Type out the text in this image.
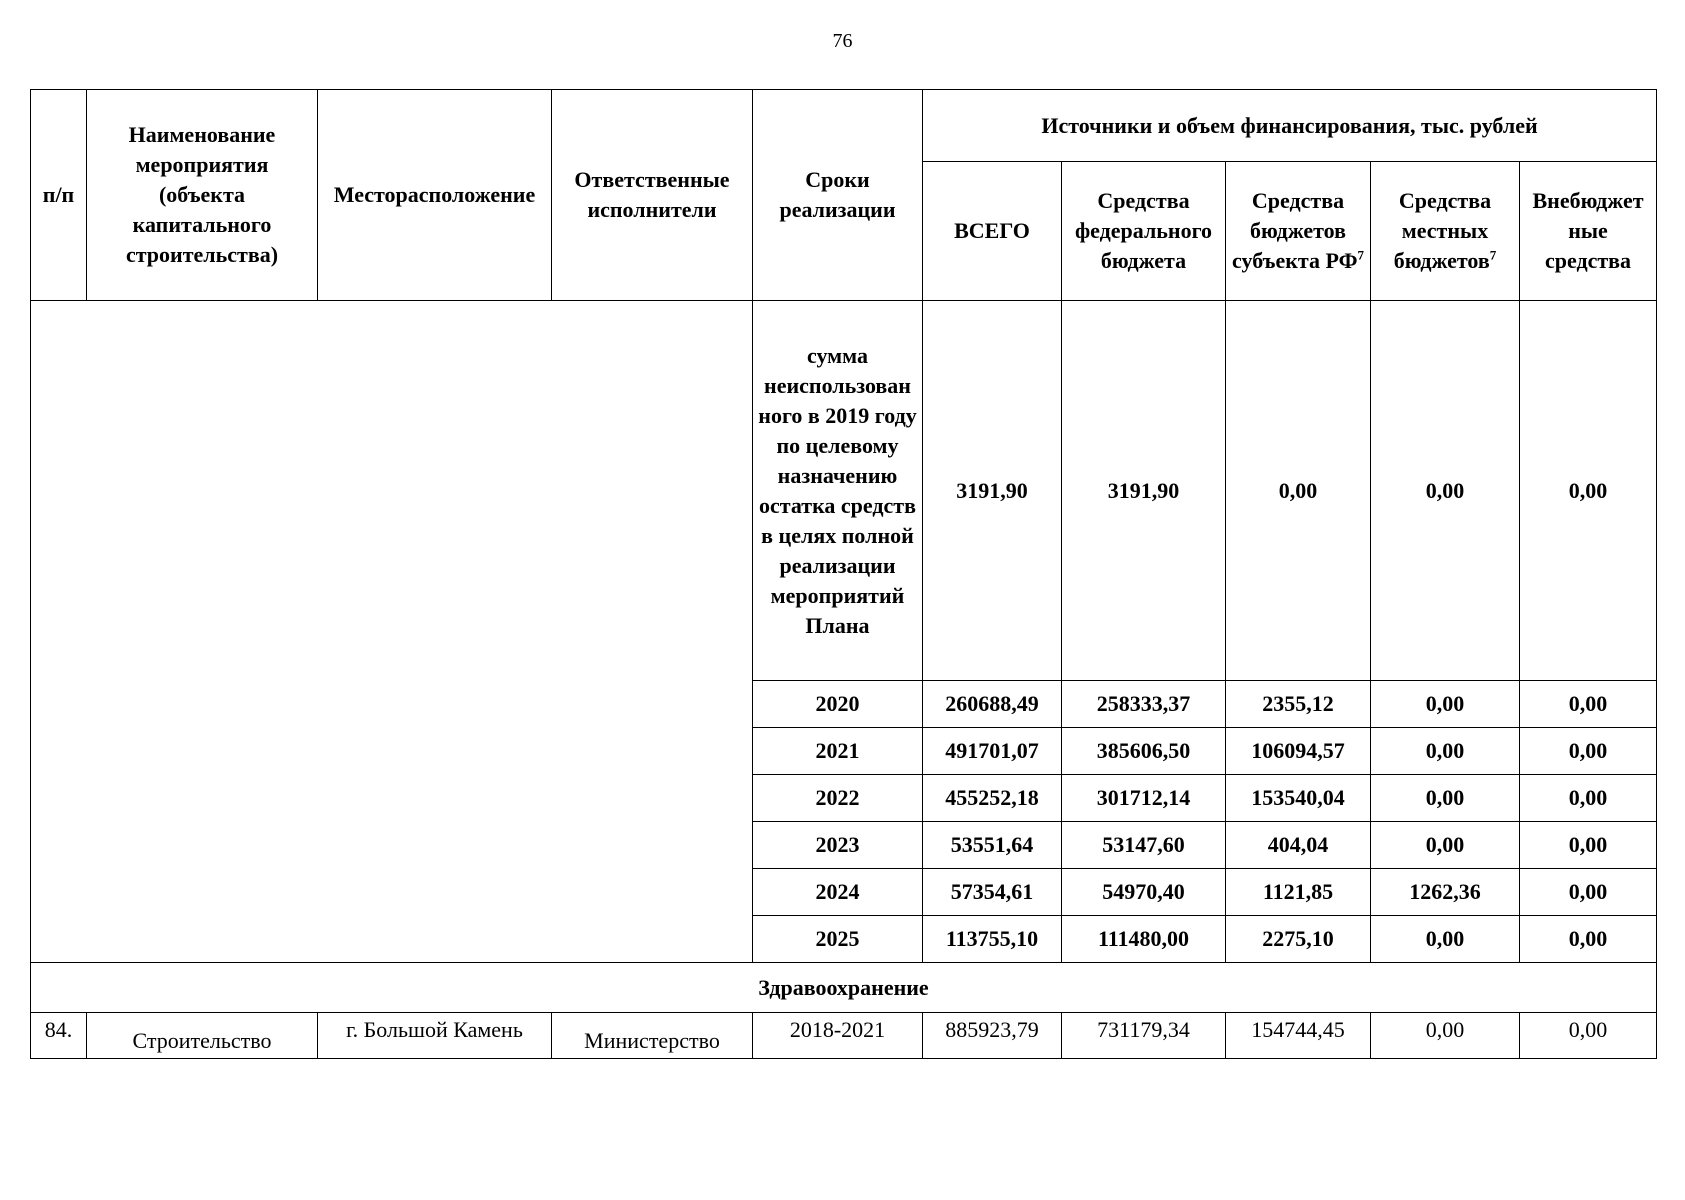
76
п/п	Наименование мероприятия (объекта капитального строительства)	Месторасположение	Ответственные исполнители	Сроки реализации	Источники и объем финансирования, тыс. рублей				
					ВСЕГО	Средства федерального бюджета	Средства бюджетов субъекта $РФ^7$	Средства местных бюджетов$^7$	Внебюджет ные средства
				сумма неиспользован ного в 2019 году по целевому назначению остатка средств в целях полной реализации мероприятий Плана	3191,90	3191,90	0,00	0,00	0,00
				2020	260688,49	258333,37	2355,12	0,00	0,00
				2021	491701,07	385606,50	106094,57	0,00	0,00
				2022	455252,18	301712,14	153540,04	0,00	0,00
				2023	53551,64	53147,60	404,04	0,00	0,00
				2024	57354,61	54970,40	1121,85	1262,36	0,00
				2025	113755,10	111480,00	2275,10	0,00	0,00
Здравоохранение									
84.	Строительство	г. Большой Камень	Министерство	2018-2021	885923,79	731179,34	154744,45	0,00	0,00
